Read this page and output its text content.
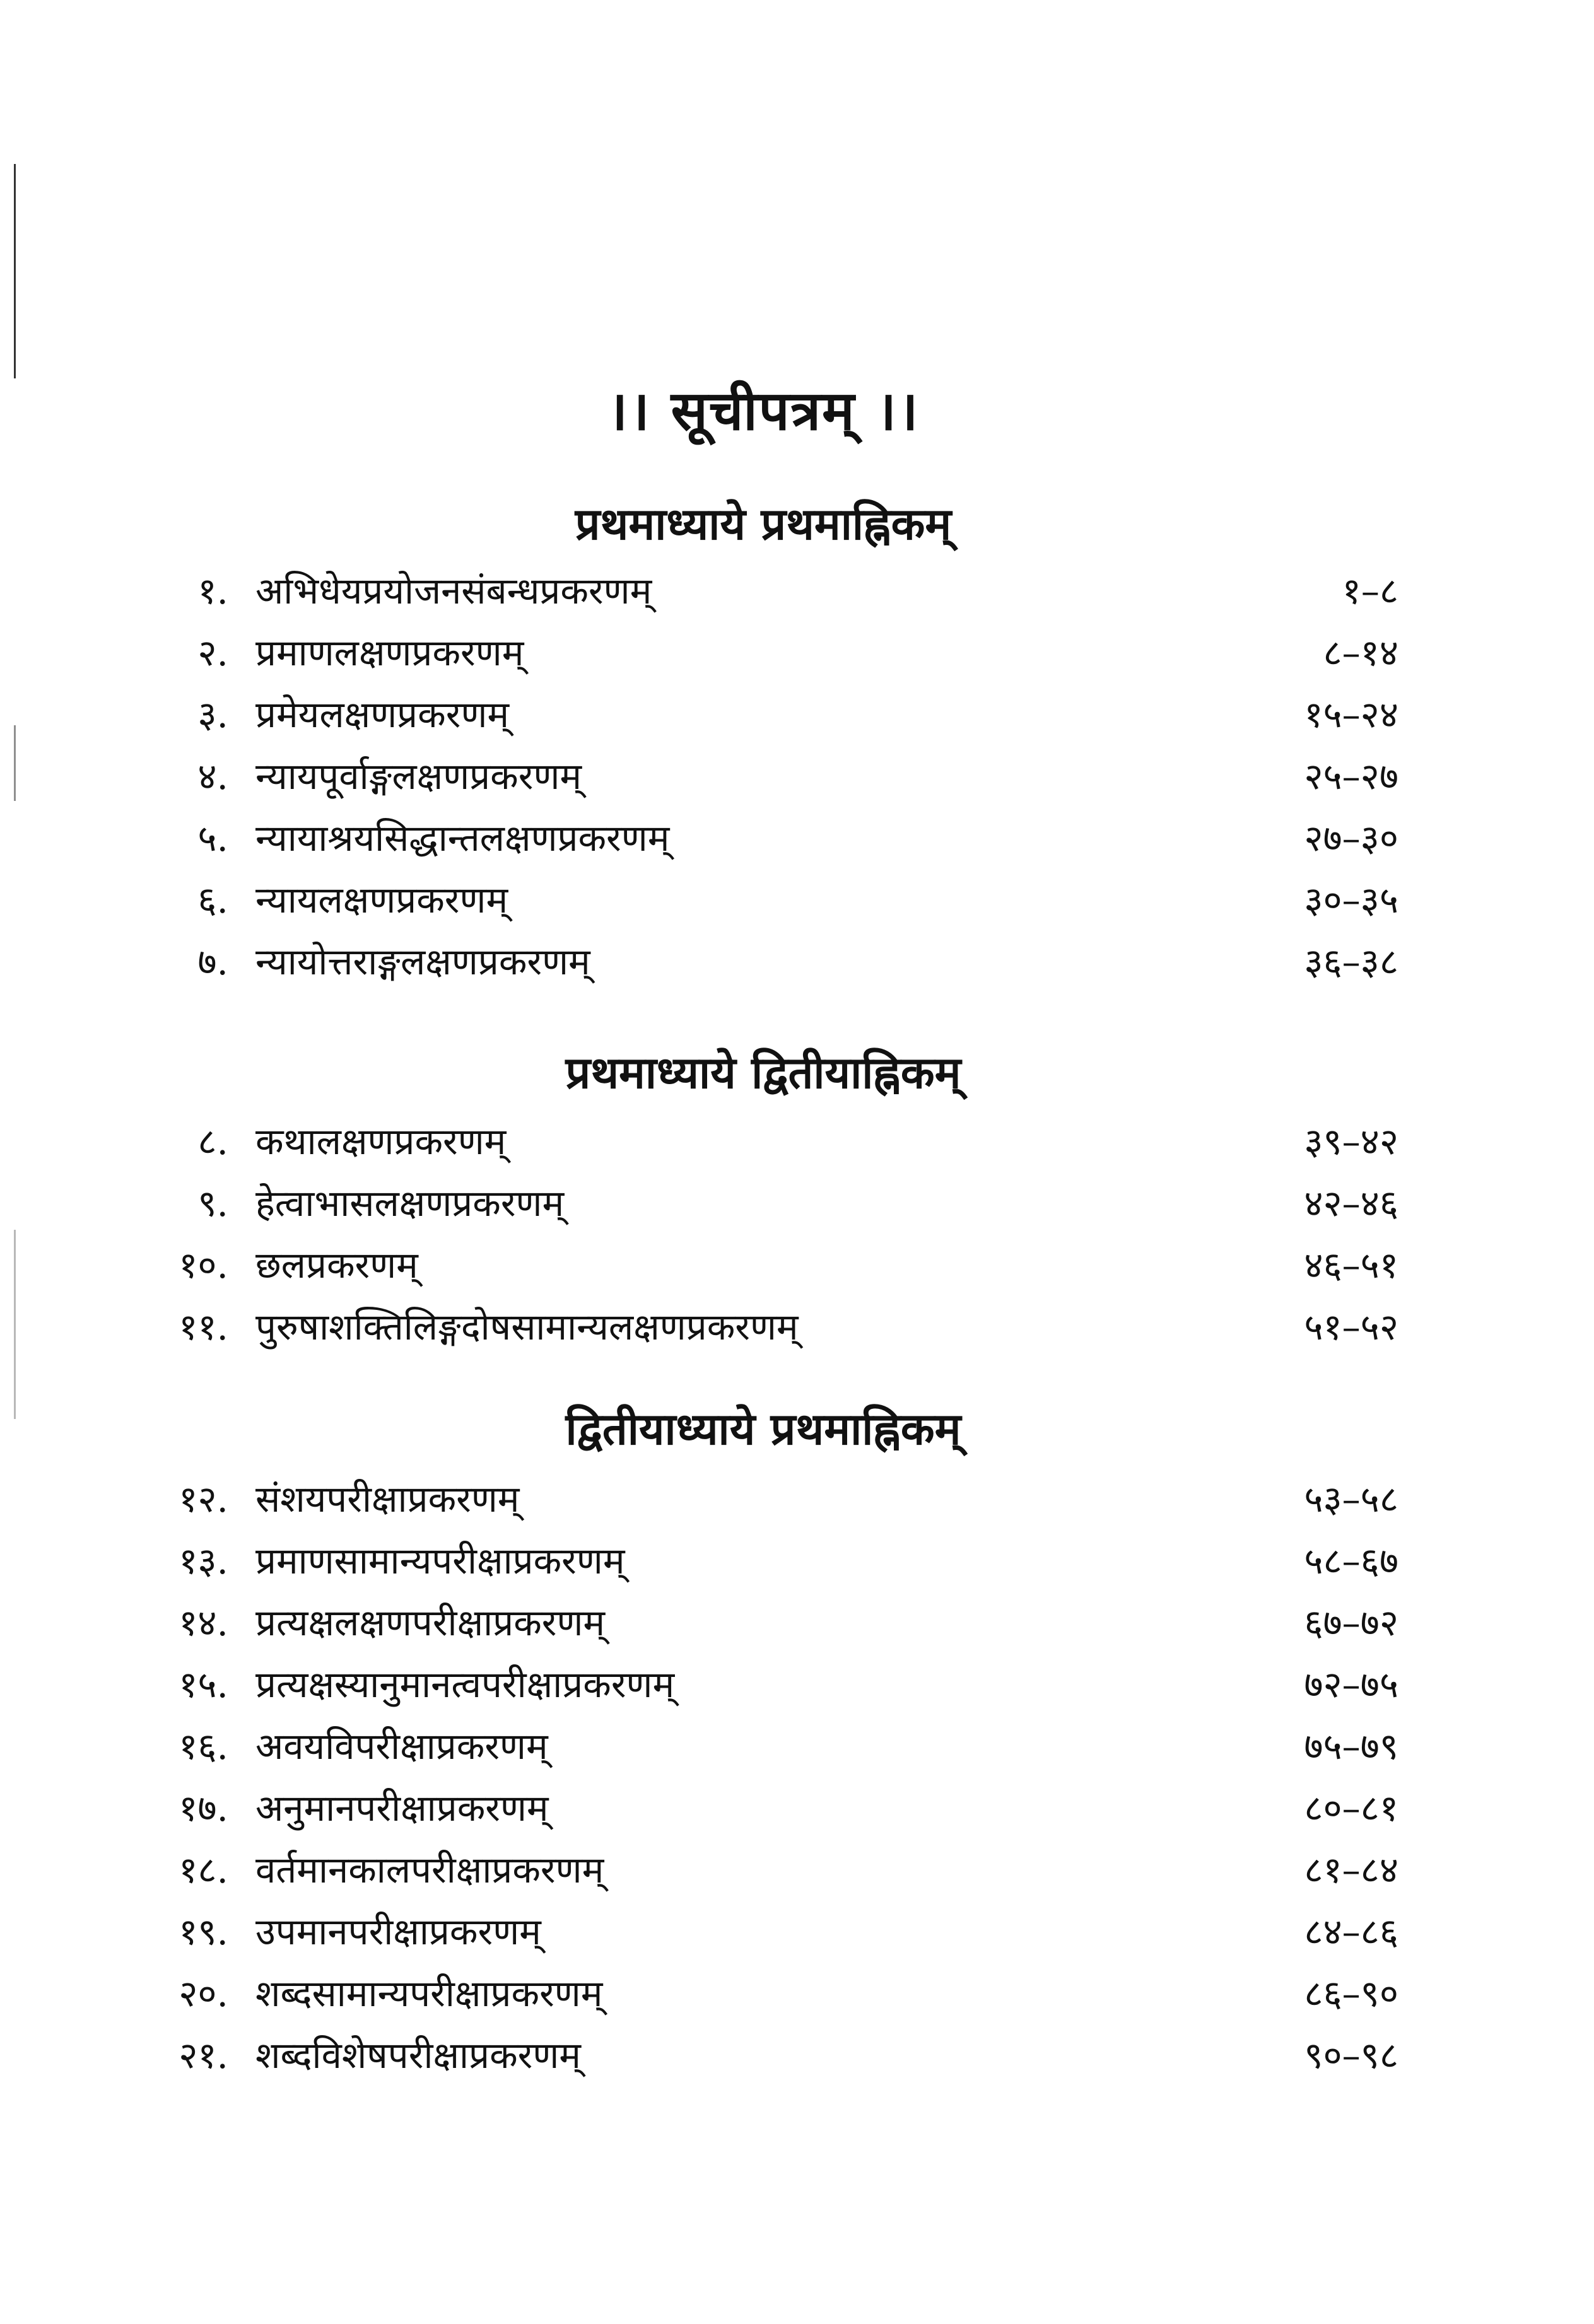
।। सूचीपत्रम् ।।
प्रथमाध्याये प्रथमाह्निकम्
१. अभिधेयप्रयोजनसंबन्धप्रकरणम्	१–८
२. प्रमाणलक्षणप्रकरणम्	८–१४
३. प्रमेयलक्षणप्रकरणम्	१५–२४
४. न्यायपूर्वाङ्गलक्षणप्रकरणम्	२५–२७
५. न्यायाश्रयसिद्धान्तलक्षणप्रकरणम्	२७–३०
६. न्यायलक्षणप्रकरणम्	३०–३५
७. न्यायोत्तराङ्गलक्षणप्रकरणम्	३६–३८
प्रथमाध्याये द्वितीयाह्निकम्
८. कथालक्षणप्रकरणम्	३९–४२
९. हेत्वाभासलक्षणप्रकरणम्	४२–४६
१०. छलप्रकरणम्	४६–५१
११. पुरुषाशक्तिलिङ्गदोषसामान्यलक्षणप्रकरणम्	५१–५२
द्वितीयाध्याये प्रथमाह्निकम्
१२. संशयपरीक्षाप्रकरणम्	५३–५८
१३. प्रमाणसामान्यपरीक्षाप्रकरणम्	५८–६७
१४. प्रत्यक्षलक्षणपरीक्षाप्रकरणम्	६७–७२
१५. प्रत्यक्षस्यानुमानत्वपरीक्षाप्रकरणम्	७२–७५
१६. अवयविपरीक्षाप्रकरणम्	७५–७९
१७. अनुमानपरीक्षाप्रकरणम्	८०–८१
१८. वर्तमानकालपरीक्षाप्रकरणम्	८१–८४
१९. उपमानपरीक्षाप्रकरणम्	८४–८६
२०. शब्दसामान्यपरीक्षाप्रकरणम्	८६–९०
२१. शब्दविशेषपरीक्षाप्रकरणम्	९०–९८
